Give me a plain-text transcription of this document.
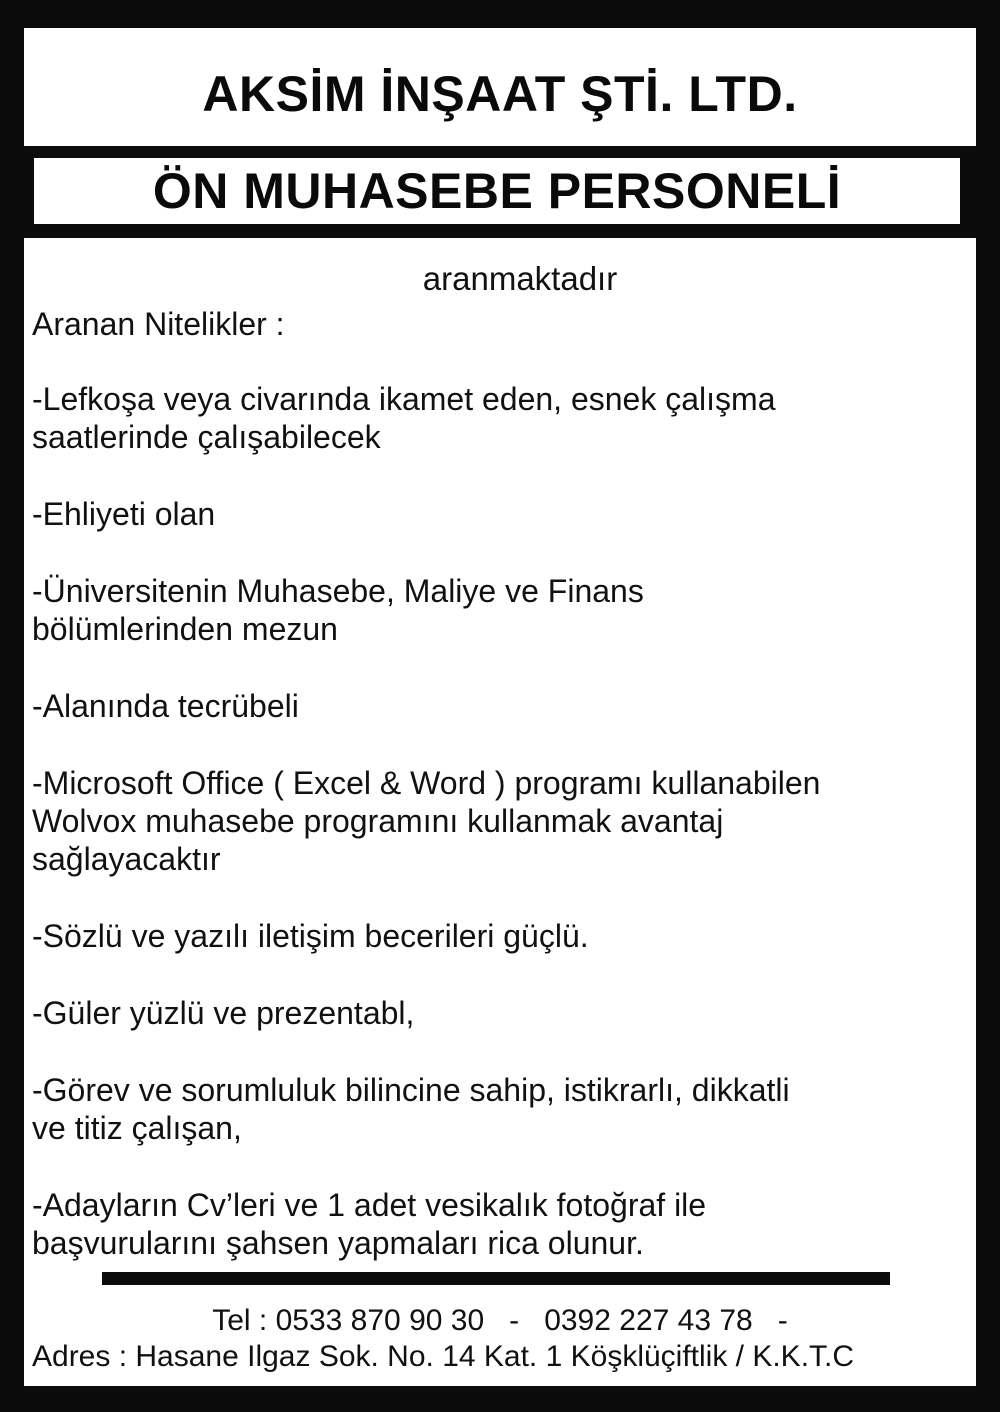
AKSİM İNŞAAT ŞTİ. LTD.
ÖN MUHASEBE PERSONELİ
aranmaktadır
Aranan Nitelikler :
-Lefkoşa veya civarında ikamet eden, esnek çalışma
saatlerinde çalışabilecek
-Ehliyeti olan
-Üniversitenin Muhasebe, Maliye ve Finans
bölümlerinden mezun
-Alanında tecrübeli
-Microsoft Office ( Excel & Word ) programı kullanabilen
Wolvox muhasebe programını kullanmak avantaj
sağlayacaktır
-Sözlü ve yazılı iletişim becerileri güçlü.
-Güler yüzlü ve prezentabl,
-Görev ve sorumluluk bilincine sahip, istikrarlı, dikkatli
ve titiz çalışan,
-Adayların Cv’leri ve 1 adet vesikalık fotoğraf ile
başvurularını şahsen yapmaları rica olunur.
Tel : 0533 870 90 30 - 0392 227 43 78 -
Adres : Hasane Ilgaz Sok. No. 14 Kat. 1 Köşklüçiftlik / K.K.T.C
